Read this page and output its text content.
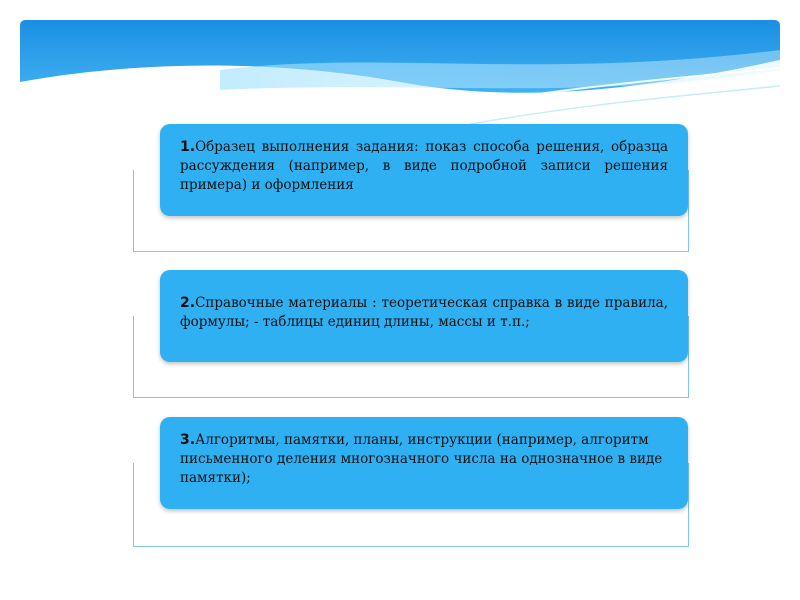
1.Образец выполнения задания: показ способа решения, образца рассуждения (например, в виде подробной записи решения примера) и оформления
2.Справочные материалы : теоретическая справка в виде правила, формулы; - таблицы единиц длины, массы и т.п.;
3.Алгоритмы, памятки, планы, инструкции (например, алгоритм письменного деления многозначного числа на однозначное в виде памятки);
